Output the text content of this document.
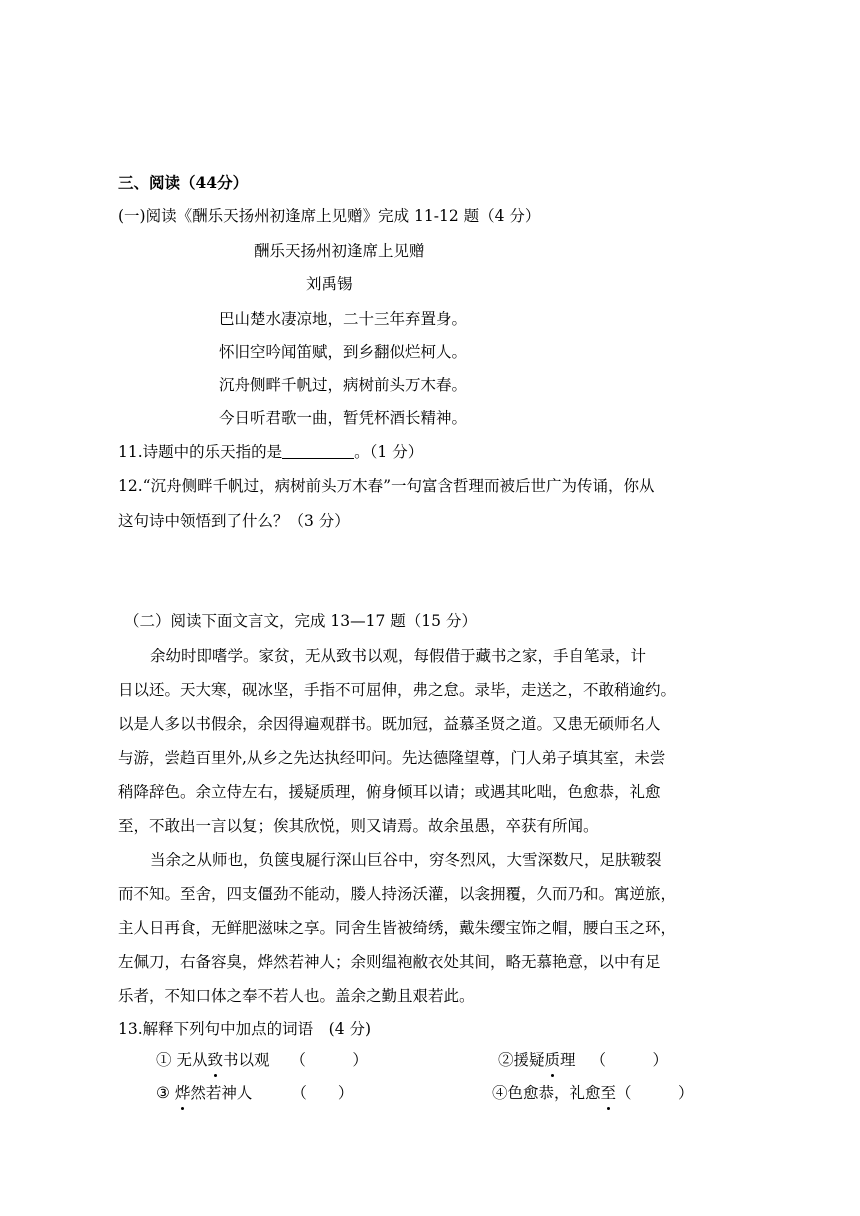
三、阅读（44分）
(一)阅读《酬乐天扬州初逢席上见赠》完成 11-12 题（4 分）
酬乐天扬州初逢席上见赠
刘禹锡
巴山楚水凄凉地，二十三年弃置身。
怀旧空吟闻笛赋，到乡翻似烂柯人。
沉舟侧畔千帆过，病树前头万木春。
今日听君歌一曲，暂凭杯酒长精神。
11.诗题中的乐天指的是	。（1 分）
12.“沉舟侧畔千帆过，病树前头万木春”一句富含哲理而被后世广为传诵，你从
这句诗中领悟到了什么？（3 分）
（二）阅读下面文言文，完成 13—17 题（15 分）
余幼时即嗜学。家贫，无从致书以观，每假借于藏书之家，手自笔录，计
日以还。天大寒，砚冰坚，手指不可屈伸，弗之怠。录毕，走送之，不敢稍逾约。
以是人多以书假余，余因得遍观群书。既加冠，益慕圣贤之道。又患无硕师名人
与游，尝趋百里外,从乡之先达执经叩问。先达德隆望尊，门人弟子填其室，未尝
稍降辞色。余立侍左右，援疑质理，俯身倾耳以请；或遇其叱咄，色愈恭，礼愈
至，不敢出一言以复；俟其欣悦，则又请焉。故余虽愚，卒获有所闻。
当余之从师也，负箧曳屣行深山巨谷中，穷冬烈风，大雪深数尺，足肤皲裂
而不知。至舍，四支僵劲不能动，媵人持汤沃灌，以衾拥覆，久而乃和。寓逆旅，
主人日再食，无鲜肥滋味之享。同舍生皆被绮绣，戴朱缨宝饰之帽，腰白玉之环，
左佩刀，右备容臭，烨然若神人；余则缊袍敝衣处其间，略无慕艳意，以中有足
乐者，不知口体之奉不若人也。盖余之勤且艰若此。
13.解释下列句中加点的词语　(4 分)
① 无从致书以观 （　　　）	②援疑质理 （　　　）
③ 烨然若神人	（　　）	④色愈恭，礼愈至（　　　）
